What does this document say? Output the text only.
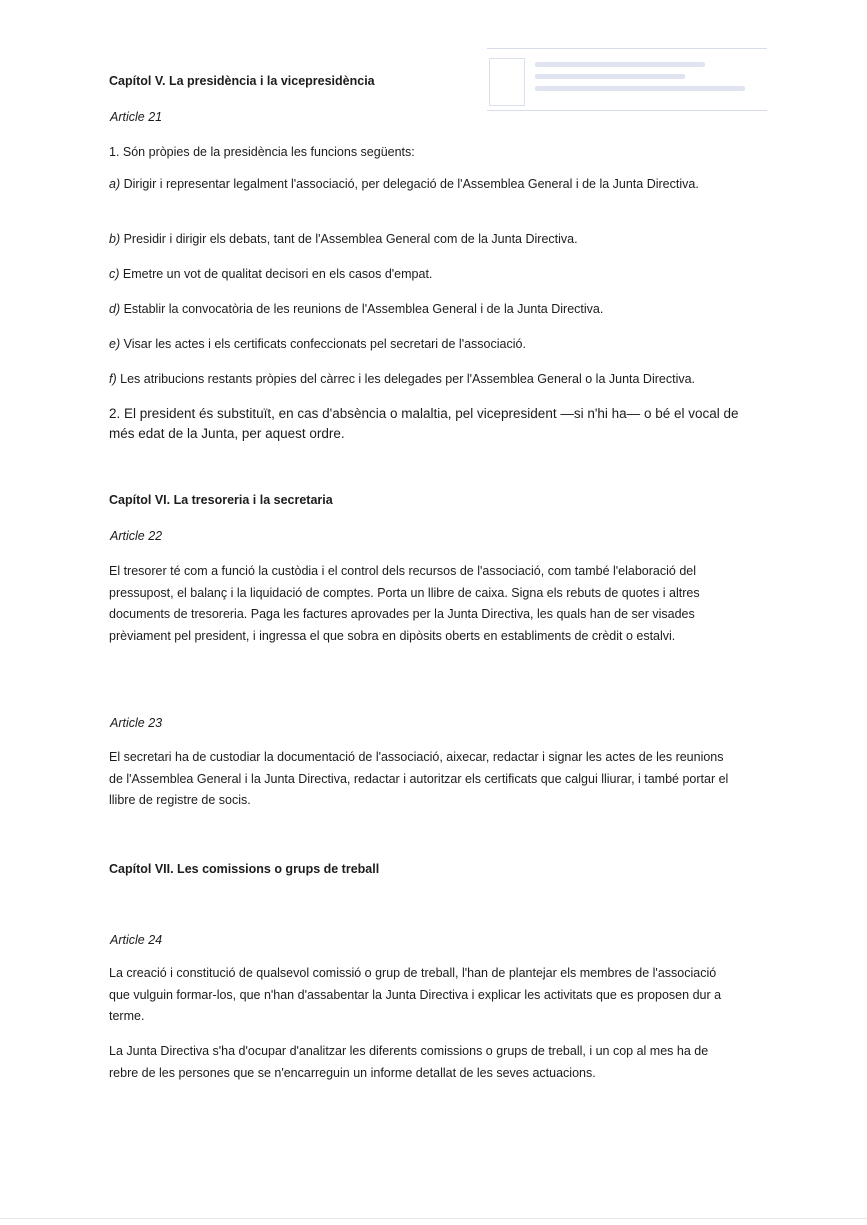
Capítol V. La presidència i la vicepresidència
Article 21
1. Són pròpies de la presidència les funcions següents:
a) Dirigir i representar legalment l'associació, per delegació de l'Assemblea General i de la Junta Directiva.
b) Presidir i dirigir els debats, tant de l'Assemblea General com de la Junta Directiva.
c) Emetre un vot de qualitat decisori en els casos d'empat.
d) Establir la convocatòria de les reunions de l'Assemblea General i de la Junta Directiva.
e) Visar les actes i els certificats confeccionats pel secretari de l'associació.
f) Les atribucions restants pròpies del càrrec i les delegades per l'Assemblea General o la Junta Directiva.
2. El president és substituït, en cas d'absència o malaltia, pel vicepresident —si n'hi ha— o bé el vocal de més edat de la Junta, per aquest ordre.
Capítol VI. La tresoreria i la secretaria
Article 22
El tresorer té com a funció la custòdia i el control dels recursos de l'associació, com també l'elaboració del pressupost, el balanç i la liquidació de comptes. Porta un llibre de caixa. Signa els rebuts de quotes i altres documents de tresoreria. Paga les factures aprovades per la Junta Directiva, les quals han de ser visades prèviament pel president, i ingressa el que sobra en dipòsits oberts en establiments de crèdit o estalvi.
Article 23
El secretari ha de custodiar la documentació de l'associació, aixecar, redactar i signar les actes de les reunions de l'Assemblea General i la Junta Directiva, redactar i autoritzar els certificats que calgui lliurar, i també portar el llibre de registre de socis.
Capítol VII. Les comissions o grups de treball
Article 24
La creació i constitució de qualsevol comissió o grup de treball, l'han de plantejar els membres de l'associació que vulguin formar-los, que n'han d'assabentar la Junta Directiva i explicar les activitats que es proposen dur a terme.
La Junta Directiva s'ha d'ocupar d'analitzar les diferents comissions o grups de treball, i un cop al mes ha de rebre de les persones que se n'encarreguin un informe detallat de les seves actuacions.
